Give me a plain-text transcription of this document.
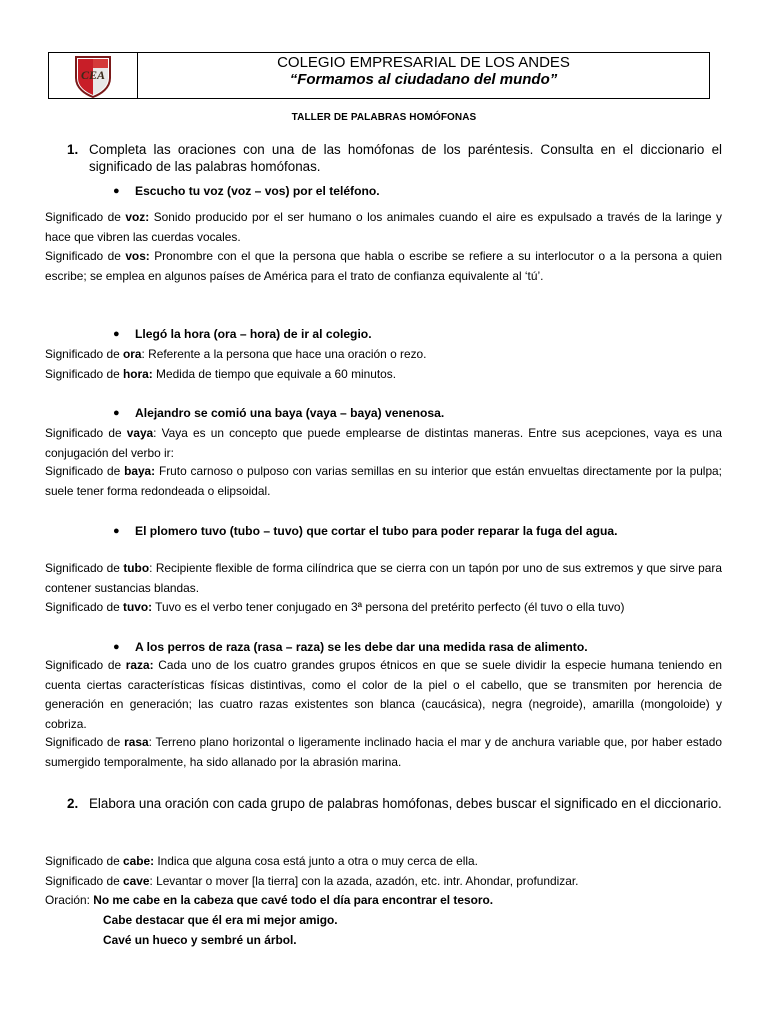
CEA
COLEGIO EMPRESARIAL DE LOS ANDES
“Formamos al ciudadano del mundo”
TALLER DE PALABRAS HOMÓFONAS
1. Completa las oraciones con una de las homófonas de los paréntesis. Consulta en el diccionario el significado de las palabras homófonas.
●	Escucho tu voz (voz – vos) por el teléfono.
Significado de voz: Sonido producido por el ser humano o los animales cuando el aire es expulsado a través de la laringe y hace que vibren las cuerdas vocales.
Significado de vos: Pronombre con el que la persona que habla o escribe se refiere a su interlocutor o a la persona a quien escribe; se emplea en algunos países de América para el trato de confianza equivalente al ‘tú’.
●	Llegó la hora (ora – hora) de ir al colegio.
Significado de ora: Referente a la persona que hace una oración o rezo.
Significado de hora: Medida de tiempo que equivale a 60 minutos.
●	Alejandro se comió una baya (vaya – baya) venenosa.
Significado de vaya: Vaya es un concepto que puede emplearse de distintas maneras. Entre sus acepciones, vaya es una conjugación del verbo ir:
Significado de baya: Fruto carnoso o pulposo con varias semillas en su interior que están envueltas directamente por la pulpa; suele tener forma redondeada o elipsoidal.
●	El plomero tuvo (tubo – tuvo) que cortar el tubo para poder reparar la fuga del agua.
Significado de tubo: Recipiente flexible de forma cilíndrica que se cierra con un tapón por uno de sus extremos y que sirve para contener sustancias blandas.
Significado de tuvo: Tuvo es el verbo tener conjugado en 3ª persona del pretérito perfecto (él tuvo o ella tuvo)
●	A los perros de raza (rasa – raza) se les debe dar una medida rasa de alimento.
Significado de raza: Cada uno de los cuatro grandes grupos étnicos en que se suele dividir la especie humana teniendo en cuenta ciertas características físicas distintivas, como el color de la piel o el cabello, que se transmiten por herencia de generación en generación; las cuatro razas existentes son blanca (caucásica), negra (negroide), amarilla (mongoloide) y cobriza.
Significado de rasa: Terreno plano horizontal o ligeramente inclinado hacia el mar y de anchura variable que, por haber estado sumergido temporalmente, ha sido allanado por la abrasión marina.
2. Elabora una oración con cada grupo de palabras homófonas, debes buscar el significado en el diccionario.
Significado de cabe: Indica que alguna cosa está junto a otra o muy cerca de ella.
Significado de cave: Levantar o mover [la tierra] con la azada, azadón, etc. intr. Ahondar, profundizar.
Oración: No me cabe en la cabeza que cavé todo el día para encontrar el tesoro.
Cabe destacar que él era mi mejor amigo.
Cavé un hueco y sembré un árbol.
